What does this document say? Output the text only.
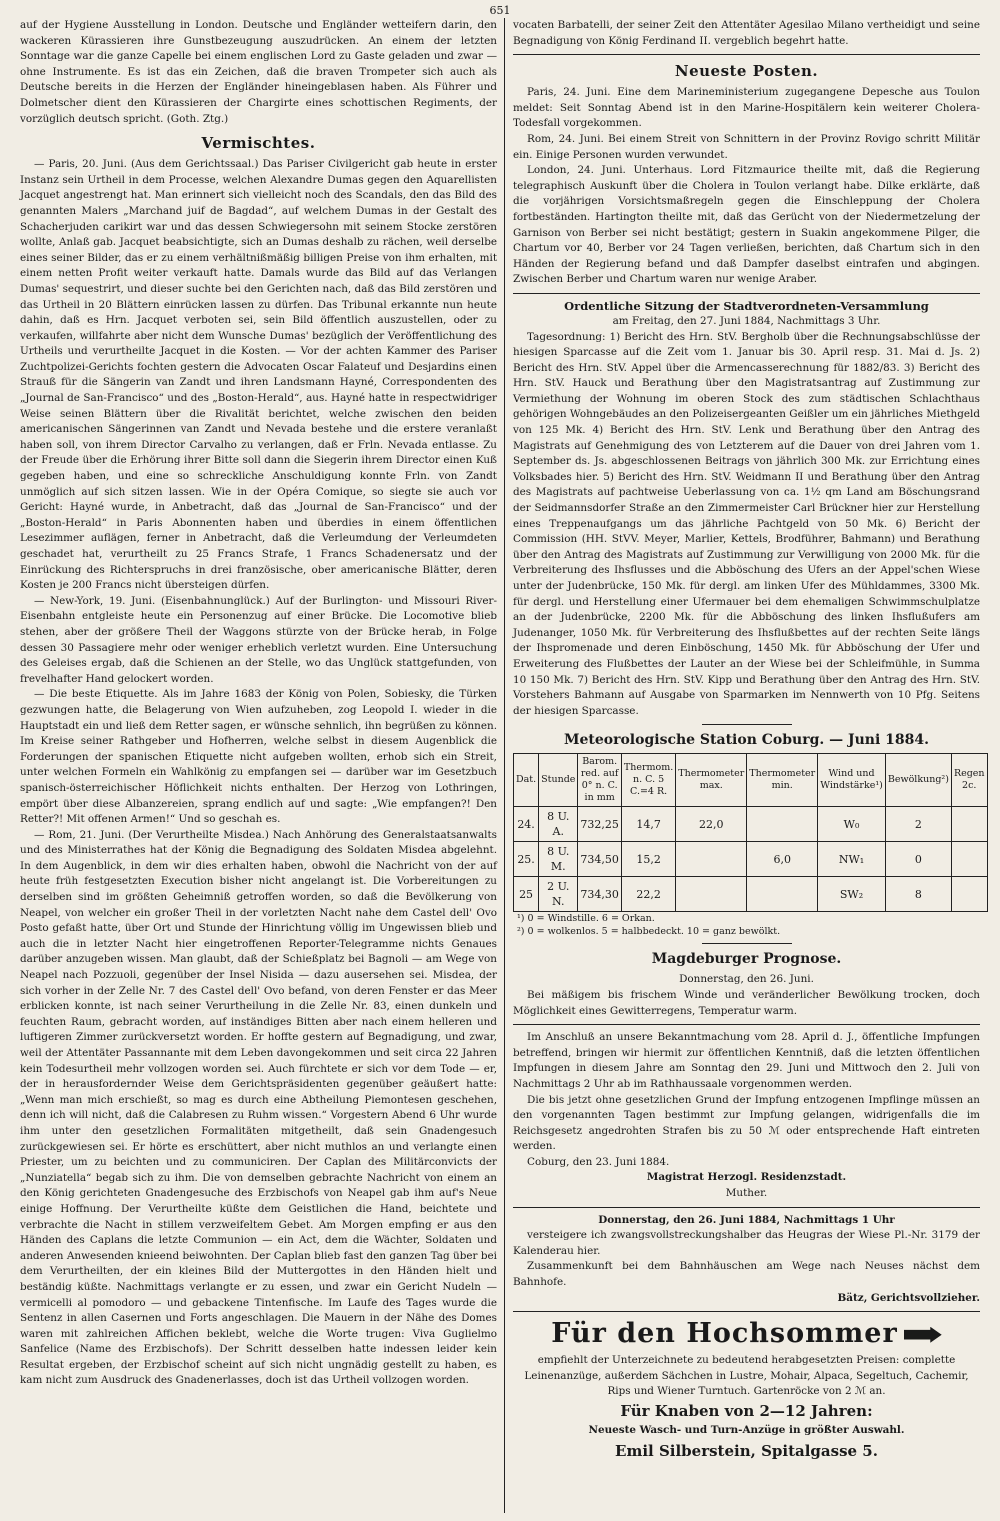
651

auf der Hygiene Ausstellung in London. Deutsche und Engländer wetteifern darin, den wackeren Kürassieren ihre Gunstbezeugung auszudrücken. An einem der letzten Sonntage war die ganze Capelle bei einem englischen Lord zu Gaste geladen und zwar — ohne Instrumente. Es ist das ein Zeichen, daß die braven Trompeter sich auch als Deutsche bereits in die Herzen der Engländer hineingeblasen haben. Als Führer und Dolmetscher dient den Kürassieren der Chargirte eines schottischen Regiments, der vorzüglich deutsch spricht. (Goth. Ztg.)

Vermischtes.

— Paris, 20. Juni. (Aus dem Gerichtssaal.) Das Pariser Civilgericht gab heute in erster Instanz sein Urtheil in dem Processe, welchen Alexandre Dumas gegen den Aquarellisten Jacquet angestrengt hat. Man erinnert sich vielleicht noch des Scandals, den das Bild des genannten Malers „Marchand juif de Bagdad“, auf welchem Dumas in der Gestalt des Schacherjuden carikirt war und das dessen Schwiegersohn mit seinem Stocke zerstören wollte, Anlaß gab. Jacquet beabsichtigte, sich an Dumas deshalb zu rächen, weil derselbe eines seiner Bilder, das er zu einem verhältnißmäßig billigen Preise von ihm erhalten, mit einem netten Profit weiter verkauft hatte. Damals wurde das Bild auf das Verlangen Dumas' sequestrirt, und dieser suchte bei den Gerichten nach, daß das Bild zerstören und das Urtheil in 20 Blättern einrücken lassen zu dürfen. Das Tribunal erkannte nun heute dahin, daß es Hrn. Jacquet verboten sei, sein Bild öffentlich auszustellen, oder zu verkaufen, willfahrte aber nicht dem Wunsche Dumas' bezüglich der Veröffentlichung des Urtheils und verurtheilte Jacquet in die Kosten. — Vor der achten Kammer des Pariser Zuchtpolizei-Gerichts fochten gestern die Advocaten Oscar Falateuf und Desjardins einen Strauß für die Sängerin van Zandt und ihren Landsmann Hayné, Correspondenten des „Journal de San-Francisco“ und des „Boston-Herald“, aus. Hayné hatte in respectwidriger Weise seinen Blättern über die Rivalität berichtet, welche zwischen den beiden americanischen Sängerinnen van Zandt und Nevada bestehe und die erstere veranlaßt haben soll, von ihrem Director Carvalho zu verlangen, daß er Frln. Nevada entlasse. Zu der Freude über die Erhörung ihrer Bitte soll dann die Siegerin ihrem Director einen Kuß gegeben haben, und eine so schreckliche Anschuldigung konnte Frln. von Zandt unmöglich auf sich sitzen lassen. Wie in der Opéra Comique, so siegte sie auch vor Gericht: Hayné wurde, in Anbetracht, daß das „Journal de San-Francisco“ und der „Boston-Herald“ in Paris Abonnenten haben und überdies in einem öffentlichen Lesezimmer auflägen, ferner in Anbetracht, daß die Verleumdung der Verleumdeten geschadet hat, verurtheilt zu 25 Francs Strafe, 1 Francs Schadenersatz und der Einrückung des Richterspruchs in drei französische, ober americanische Blätter, deren Kosten je 200 Francs nicht übersteigen dürfen.

— New-York, 19. Juni. (Eisenbahnunglück.) Auf der Burlington- und Missouri River-Eisenbahn entgleiste heute ein Personenzug auf einer Brücke. Die Locomotive blieb stehen, aber der größere Theil der Waggons stürzte von der Brücke herab, in Folge dessen 30 Passagiere mehr oder weniger erheblich verletzt wurden. Eine Untersuchung des Geleises ergab, daß die Schienen an der Stelle, wo das Unglück stattgefunden, von frevelhafter Hand gelockert worden.

— Die beste Etiquette. Als im Jahre 1683 der König von Polen, Sobiesky, die Türken gezwungen hatte, die Belagerung von Wien aufzuheben, zog Leopold I. wieder in die Hauptstadt ein und ließ dem Retter sagen, er wünsche sehnlich, ihn begrüßen zu können. Im Kreise seiner Rathgeber und Hofherren, welche selbst in diesem Augenblick die Forderungen der spanischen Etiquette nicht aufgeben wollten, erhob sich ein Streit, unter welchen Formeln ein Wahlkönig zu empfangen sei — darüber war im Gesetzbuch spanisch-österreichischer Höflichkeit nichts enthalten. Der Herzog von Lothringen, empört über diese Albanzereien, sprang endlich auf und sagte: „Wie empfangen?! Den Retter?! Mit offenen Armen!“ Und so geschah es.

— Rom, 21. Juni. (Der Verurtheilte Misdea.) Nach Anhörung des Generalstaatsanwalts und des Ministerrathes hat der König die Begnadigung des Soldaten Misdea abgelehnt. In dem Augenblick, in dem wir dies erhalten haben, obwohl die Nachricht von der auf heute früh festgesetzten Execution bisher nicht angelangt ist. Die Vorbereitungen zu derselben sind im größten Geheimniß getroffen worden, so daß die Bevölkerung von Neapel, von welcher ein großer Theil in der vorletzten Nacht nahe dem Castel dell' Ovo Posto gefaßt hatte, über Ort und Stunde der Hinrichtung völlig im Ungewissen blieb und auch die in letzter Nacht hier eingetroffenen Reporter-Telegramme nichts Genaues darüber anzugeben wissen. Man glaubt, daß der Schießplatz bei Bagnoli — am Wege von Neapel nach Pozzuoli, gegenüber der Insel Nisida — dazu ausersehen sei. Misdea, der sich vorher in der Zelle Nr. 7 des Castel dell' Ovo befand, von deren Fenster er das Meer erblicken konnte, ist nach seiner Verurtheilung in die Zelle Nr. 83, einen dunkeln und feuchten Raum, gebracht worden, auf inständiges Bitten aber nach einem helleren und luftigeren Zimmer zurückversetzt worden. Er hoffte gestern auf Begnadigung, und zwar, weil der Attentäter Passannante mit dem Leben davongekommen und seit circa 22 Jahren kein Todesurtheil mehr vollzogen worden sei. Auch fürchtete er sich vor dem Tode — er, der in herausfordernder Weise dem Gerichtspräsidenten gegenüber geäußert hatte: „Wenn man mich erschießt, so mag es durch eine Abtheilung Piemontesen geschehen, denn ich will nicht, daß die Calabresen zu Ruhm wissen.“ Vorgestern Abend 6 Uhr wurde ihm unter den gesetzlichen Formalitäten mitgetheilt, daß sein Gnadengesuch zurückgewiesen sei. Er hörte es erschüttert, aber nicht muthlos an und verlangte einen Priester, um zu beichten und zu communiciren. Der Caplan des Militärconvicts der „Nunziatella“ begab sich zu ihm. Die von demselben gebrachte Nachricht von einem an den König gerichteten Gnadengesuche des Erzbischofs von Neapel gab ihm auf's Neue einige Hoffnung. Der Verurtheilte küßte dem Geistlichen die Hand, beichtete und verbrachte die Nacht in stillem verzweifeltem Gebet. Am Morgen empfing er aus den Händen des Caplans die letzte Communion — ein Act, dem die Wächter, Soldaten und anderen Anwesenden knieend beiwohnten. Der Caplan blieb fast den ganzen Tag über bei dem Verurtheilten, der ein kleines Bild der Muttergottes in den Händen hielt und beständig küßte. Nachmittags verlangte er zu essen, und zwar ein Gericht Nudeln — vermicelli al pomodoro — und gebackene Tintenfische. Im Laufe des Tages wurde die Sentenz in allen Casernen und Forts angeschlagen. Die Mauern in der Nähe des Domes waren mit zahlreichen Affichen beklebt, welche die Worte trugen: Viva Guglielmo Sanfelice (Name des Erzbischofs). Der Schritt desselben hatte indessen leider kein Resultat ergeben, der Erzbischof scheint auf sich nicht ungnädig gestellt zu haben, es kam nicht zum Ausdruck des Gnadenerlasses, doch ist das Urtheil vollzogen worden.

vocaten Barbatelli, der seiner Zeit den Attentäter Agesilao Milano vertheidigt und seine Begnadigung von König Ferdinand II. vergeblich begehrt hatte.

Neueste Posten.

Paris, 24. Juni. Eine dem Marineministerium zugegangene Depesche aus Toulon meldet: Seit Sonntag Abend ist in den Marine-Hospitälern kein weiterer Cholera-Todesfall vorgekommen.

Rom, 24. Juni. Bei einem Streit von Schnittern in der Provinz Rovigo schritt Militär ein. Einige Personen wurden verwundet.

London, 24. Juni. Unterhaus. Lord Fitzmaurice theilte mit, daß die Regierung telegraphisch Auskunft über die Cholera in Toulon verlangt habe. Dilke erklärte, daß die vorjährigen Vorsichtsmaßregeln gegen die Einschleppung der Cholera fortbeständen. Hartington theilte mit, daß das Gerücht von der Niedermetzelung der Garnison von Berber sei nicht bestätigt; gestern in Suakin angekommene Pilger, die Chartum vor 40, Berber vor 24 Tagen verließen, berichten, daß Chartum sich in den Händen der Regierung befand und daß Dampfer daselbst eintrafen und abgingen. Zwischen Berber und Chartum waren nur wenige Araber.

Ordentliche Sitzung der Stadtverordneten-Versammlung

am Freitag, den 27. Juni 1884, Nachmittags 3 Uhr.

Tagesordnung: 1) Bericht des Hrn. StV. Bergholb über die Rechnungsabschlüsse der hiesigen Sparcasse auf die Zeit vom 1. Januar bis 30. April resp. 31. Mai d. Js. 2) Bericht des Hrn. StV. Appel über die Armencasserechnung für 1882/83. 3) Bericht des Hrn. StV. Hauck und Berathung über den Magistratsantrag auf Zustimmung zur Vermiethung der Wohnung im oberen Stock des zum städtischen Schlachthaus gehörigen Wohngebäudes an den Polizeisergeanten Geißler um ein jährliches Miethgeld von 125 Mk. 4) Bericht des Hrn. StV. Lenk und Berathung über den Antrag des Magistrats auf Genehmigung des von Letzterem auf die Dauer von drei Jahren vom 1. September ds. Js. abgeschlossenen Beitrags von jährlich 300 Mk. zur Errichtung eines Volksbades hier. 5) Bericht des Hrn. StV. Weidmann II und Berathung über den Antrag des Magistrats auf pachtweise Ueberlassung von ca. 1½ qm Land am Böschungsrand der Seidmannsdorfer Straße an den Zimmermeister Carl Brückner hier zur Herstellung eines Treppenaufgangs um das jährliche Pachtgeld von 50 Mk. 6) Bericht der Commission (HH. StVV. Meyer, Marlier, Kettels, Brodführer, Bahmann) und Berathung über den Antrag des Magistrats auf Zustimmung zur Verwilligung von 2000 Mk. für die Verbreiterung des Ihsflusses und die Abböschung des Ufers an der Appel'schen Wiese unter der Judenbrücke, 150 Mk. für dergl. am linken Ufer des Mühldammes, 3300 Mk. für dergl. und Herstellung einer Ufermauer bei dem ehemaligen Schwimmschulplatze an der Judenbrücke, 2200 Mk. für die Abböschung des linken Ihsflußufers am Judenanger, 1050 Mk. für Verbreiterung des Ihsflußbettes auf der rechten Seite längs der Ihspromenade und deren Einböschung, 1450 Mk. für Abböschung der Ufer und Erweiterung des Flußbettes der Lauter an der Wiese bei der Schleifmühle, in Summa 10 150 Mk. 7) Bericht des Hrn. StV. Kipp und Berathung über den Antrag des Hrn. StV. Vorstehers Bahmann auf Ausgabe von Sparmarken im Nennwerth von 10 Pfg. Seitens der hiesigen Sparcasse.

Meteorologische Station Coburg. — Juni 1884.
Dat.	Stunde	Barom. red. auf 0° n. C. in mm	Thermom. n. C. 5 C.=4 R.	Thermometer max.	Thermometer min.	Wind und Windstärke¹)	Bewölkung²)	Regen 2c.
24.	8 U. A.	732,25	14,7	22,0		W₀	2	
25.	8 U. M.	734,50	15,2		6,0	NW₁	0	
25	2 U. N.	734,30	22,2			SW₂	8	

¹) 0 = Windstille. 6 = Orkan.

²) 0 = wolkenlos. 5 = halbbedeckt. 10 = ganz bewölkt.

Magdeburger Prognose.

Donnerstag, den 26. Juni.

Bei mäßigem bis frischem Winde und veränderlicher Bewölkung trocken, doch Möglichkeit eines Gewitterregens, Temperatur warm.

Im Anschluß an unsere Bekanntmachung vom 28. April d. J., öffentliche Impfungen betreffend, bringen wir hiermit zur öffentlichen Kenntniß, daß die letzten öffentlichen Impfungen in diesem Jahre am Sonntag den 29. Juni und Mittwoch den 2. Juli von Nachmittags 2 Uhr ab im Rathhaussaale vorgenommen werden.

Die bis jetzt ohne gesetzlichen Grund der Impfung entzogenen Impflinge müssen an den vorgenannten Tagen bestimmt zur Impfung gelangen, widrigenfalls die im Reichsgesetz angedrohten Strafen bis zu 50 ℳ oder entsprechende Haft eintreten werden.

Coburg, den 23. Juni 1884.

Magistrat Herzogl. Residenzstadt.

Muther.

Donnerstag, den 26. Juni 1884, Nachmittags 1 Uhr

versteigere ich zwangsvollstreckungshalber das Heugras der Wiese Pl.-Nr. 3179 der Kalenderau hier.

Zusammenkunft bei dem Bahnhäuschen am Wege nach Neuses nächst dem Bahnhofe.

Bätz, Gerichtsvollzieher.

Für den Hochsommer

empfiehlt der Unterzeichnete zu bedeutend herabgesetzten Preisen: complette Leinenanzüge, außerdem Sächchen in Lustre, Mohair, Alpaca, Segeltuch, Cachemir, Rips und Wiener Turntuch. Gartenröcke von 2 ℳ an.

Für Knaben von 2—12 Jahren:

Neueste Wasch- und Turn-Anzüge in größter Auswahl.

Emil Silberstein, Spitalgasse 5.
